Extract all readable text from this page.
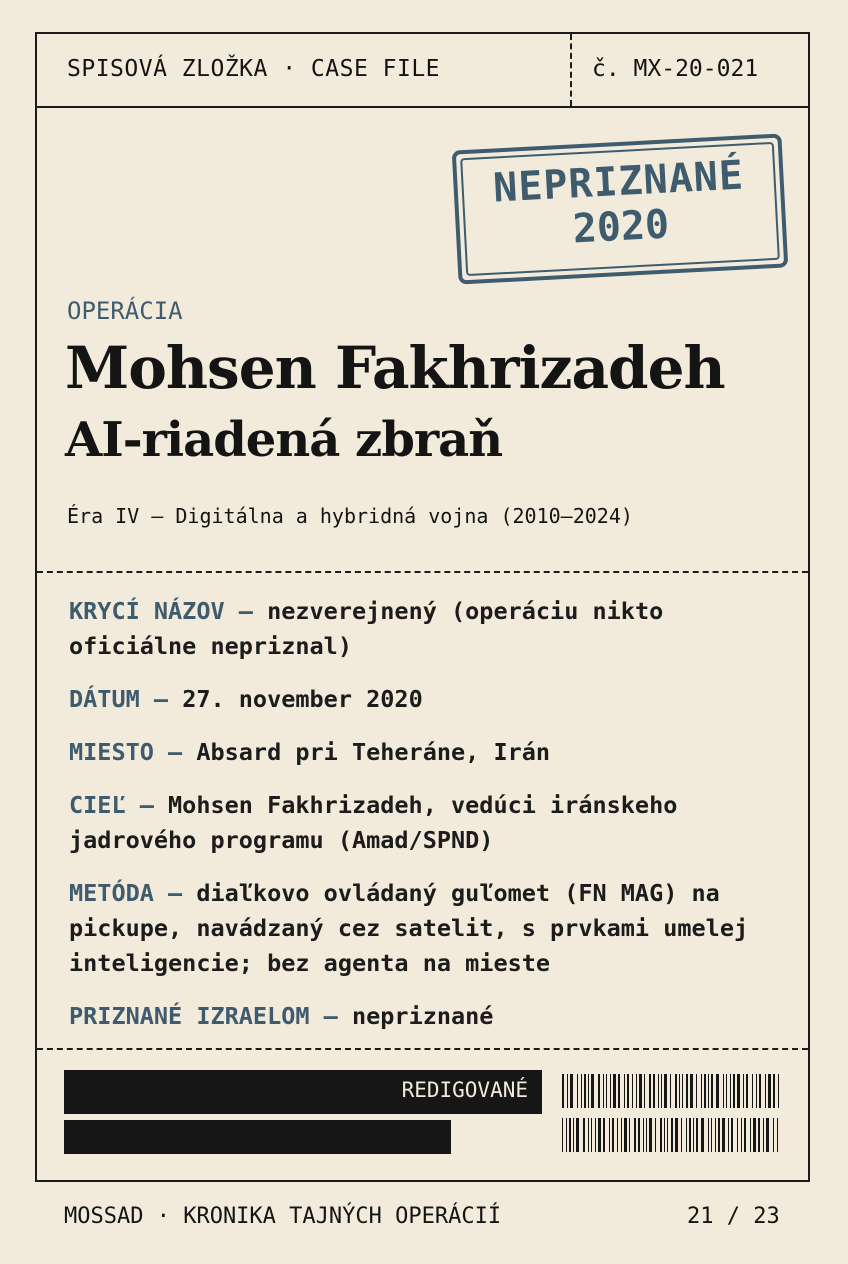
SPISOVÁ ZLOŽKA · CASE FILE	č. MX-20-021
NEPRIZNANÉ
2020
OPERÁCIA
Mohsen Fakhrizadeh
AI-riadená zbraň
Éra IV — Digitálna a hybridná vojna (2010—2024)
KRYCÍ NÁZOV — nezverejnený (operáciu nikto oficiálne nepriznal)
DÁTUM — 27. november 2020
MIESTO — Absard pri Teheráne, Irán
CIEĽ — Mohsen Fakhrizadeh, vedúci iránskeho jadrového programu (Amad/SPND)
METÓDA — diaľkovo ovládaný guľomet (FN MAG) na pickupe, navádzaný cez satelit, s prvkami umelej inteligencie; bez agenta na mieste
PRIZNANÉ IZRAELOM — nepriznané
REDIGOVANÉ
MOSSAD · KRONIKA TAJNÝCH OPERÁCIÍ	21 / 23
